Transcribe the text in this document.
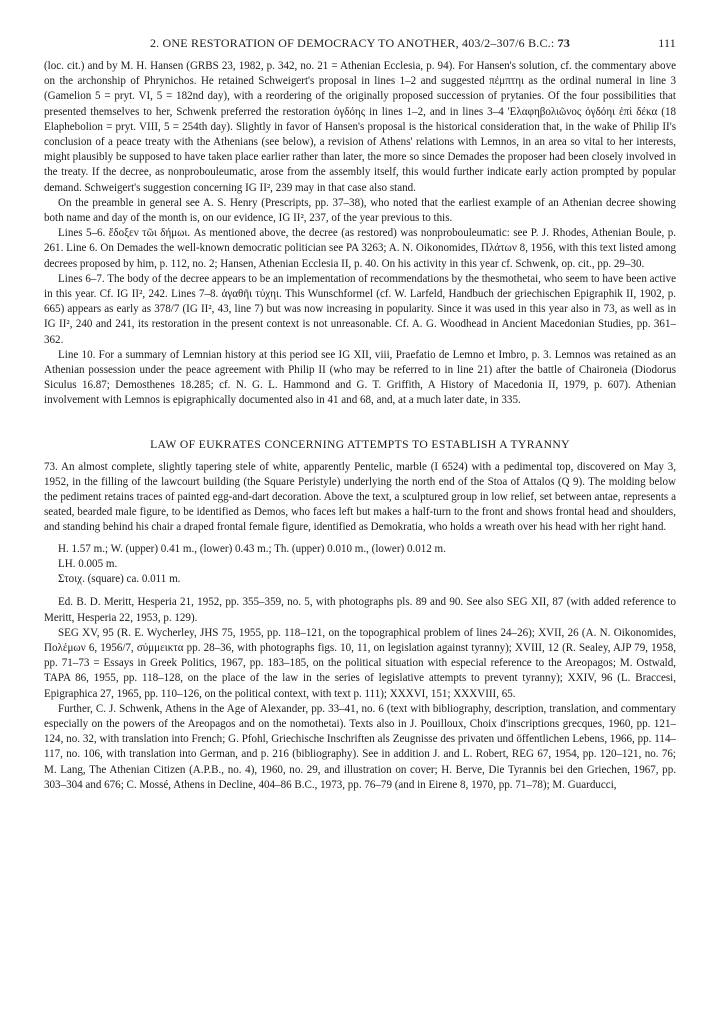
2. ONE RESTORATION OF DEMOCRACY TO ANOTHER, 403/2–307/6 B.C.: 73	111

(loc. cit.) and by M. H. Hansen (GRBS 23, 1982, p. 342, no. 21 = Athenian Ecclesia, p. 94). For Hansen's solution, cf. the commentary above on the archonship of Phrynichos. He retained Schweigert's proposal in lines 1–2 and suggested πέμπτηι as the ordinal numeral in line 3 (Gamelion 5 = pryt. VI, 5 = 182nd day), with a reordering of the originally proposed succession of prytanies. Of the four possibilities that presented themselves to her, Schwenk preferred the restoration ὀγδόης in lines 1–2, and in lines 3–4 'Ελαφηβολιῶνος ὀγδόηι ἐπὶ δέκα (18 Elaphebolion = pryt. VIII, 5 = 254th day). Slightly in favor of Hansen's proposal is the historical consideration that, in the wake of Philip II's conclusion of a peace treaty with the Athenians (see below), a revision of Athens' relations with Lemnos, in an area so vital to her interests, might plausibly be supposed to have taken place earlier rather than later, the more so since Demades the proposer had been closely involved in the treaty. If the decree, as nonprobouleumatic, arose from the assembly itself, this would further indicate early action prompted by popular demand. Schweigert's suggestion concerning IG II², 239 may in that case also stand.

On the preamble in general see A. S. Henry (Prescripts, pp. 37–38), who noted that the earliest example of an Athenian decree showing both name and day of the month is, on our evidence, IG II², 237, of the year previous to this.

Lines 5–6. ἔδοξεν τῶι δήμωι. As mentioned above, the decree (as restored) was nonprobouleumatic: see P. J. Rhodes, Athenian Boule, p. 261. Line 6. On Demades the well-known democratic politician see PA 3263; A. N. Oikonomides, Πλάτων 8, 1956, with this text listed among decrees proposed by him, p. 112, no. 2; Hansen, Athenian Ecclesia II, p. 40. On his activity in this year cf. Schwenk, op. cit., pp. 29–30.

Lines 6–7. The body of the decree appears to be an implementation of recommendations by the thesmothetai, who seem to have been active in this year. Cf. IG II², 242. Lines 7–8. ἀγαθῆι τύχηι. This Wunschformel (cf. W. Larfeld, Handbuch der griechischen Epigraphik II, 1902, p. 665) appears as early as 378/7 (IG II², 43, line 7) but was now increasing in popularity. Since it was used in this year also in 73, as well as in IG II², 240 and 241, its restoration in the present context is not unreasonable. Cf. A. G. Woodhead in Ancient Macedonian Studies, pp. 361–362.

Line 10. For a summary of Lemnian history at this period see IG XII, viii, Praefatio de Lemno et Imbro, p. 3. Lemnos was retained as an Athenian possession under the peace agreement with Philip II (who may be referred to in line 21) after the battle of Chaironeia (Diodorus Siculus 16.87; Demosthenes 18.285; cf. N. G. L. Hammond and G. T. Griffith, A History of Macedonia II, 1979, p. 607). Athenian involvement with Lemnos is epigraphically documented also in 41 and 68, and, at a much later date, in 335.

LAW OF EUKRATES CONCERNING ATTEMPTS TO ESTABLISH A TYRANNY

73. An almost complete, slightly tapering stele of white, apparently Pentelic, marble (I 6524) with a pedimental top, discovered on May 3, 1952, in the filling of the lawcourt building (the Square Peristyle) underlying the north end of the Stoa of Attalos (Q 9). The molding below the pediment retains traces of painted egg-and-dart decoration. Above the text, a sculptured group in low relief, set between antae, represents a seated, bearded male figure, to be identified as Demos, who faces left but makes a half-turn to the front and shows frontal head and shoulders, and standing behind his chair a draped frontal female figure, identified as Demokratia, who holds a wreath over his head with her right hand.

H. 1.57 m.; W. (upper) 0.41 m., (lower) 0.43 m.; Th. (upper) 0.010 m., (lower) 0.012 m.

LH. 0.005 m.

Στοιχ. (square) ca. 0.011 m.

Ed. B. D. Meritt, Hesperia 21, 1952, pp. 355–359, no. 5, with photographs pls. 89 and 90. See also SEG XII, 87 (with added reference to Meritt, Hesperia 22, 1953, p. 129).

SEG XV, 95 (R. E. Wycherley, JHS 75, 1955, pp. 118–121, on the topographical problem of lines 24–26); XVII, 26 (A. N. Oikonomides, Πολέμων 6, 1956/7, σύμμεικτα pp. 28–36, with photographs figs. 10, 11, on legislation against tyranny); XVIII, 12 (R. Sealey, AJP 79, 1958, pp. 71–73 = Essays in Greek Politics, 1967, pp. 183–185, on the political situation with especial reference to the Areopagos; M. Ostwald, TAPA 86, 1955, pp. 118–128, on the place of the law in the series of legislative attempts to prevent tyranny); XXIV, 96 (L. Braccesi, Epigraphica 27, 1965, pp. 110–126, on the political context, with text p. 111); XXXVI, 151; XXXVIII, 65.

Further, C. J. Schwenk, Athens in the Age of Alexander, pp. 33–41, no. 6 (text with bibliography, description, translation, and commentary especially on the powers of the Areopagos and on the nomothetai). Texts also in J. Pouilloux, Choix d'inscriptions grecques, 1960, pp. 121–124, no. 32, with translation into French; G. Pfohl, Griechische Inschriften als Zeugnisse des privaten und öffentlichen Lebens, 1966, pp. 114–117, no. 106, with translation into German, and p. 216 (bibliography). See in addition J. and L. Robert, REG 67, 1954, pp. 120–121, no. 76; M. Lang, The Athenian Citizen (A.P.B., no. 4), 1960, no. 29, and illustration on cover; H. Berve, Die Tyrannis bei den Griechen, 1967, pp. 303–304 and 676; C. Mossé, Athens in Decline, 404–86 B.C., 1973, pp. 76–79 (and in Eirene 8, 1970, pp. 71–78); M. Guarducci,
